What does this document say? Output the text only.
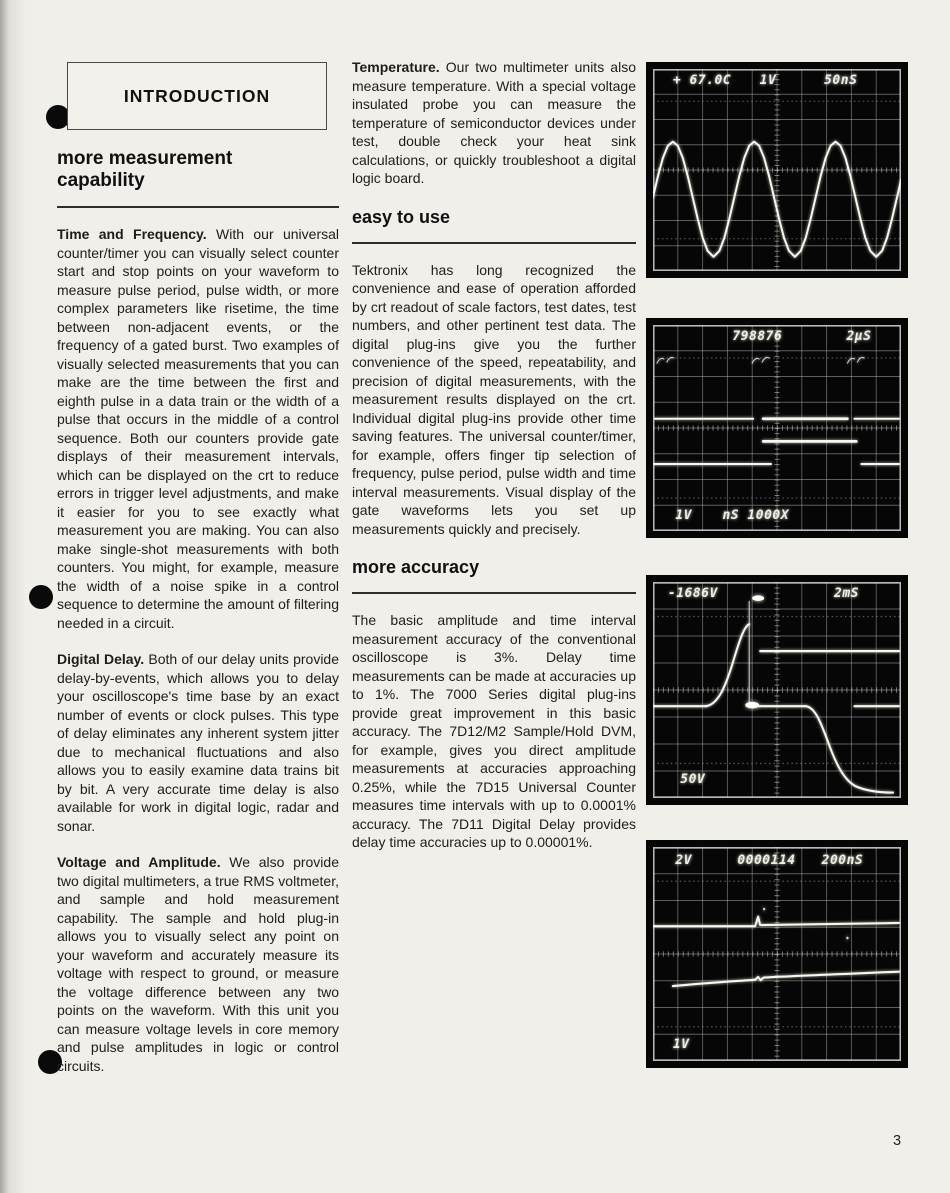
INTRODUCTION
more measurement capability

Time and Frequency. With our universal counter/timer you can visually select counter start and stop points on your waveform to measure pulse period, pulse width, or more complex parameters like risetime, the time between non-adjacent events, or the frequency of a gated burst. Two examples of visually selected measurements that you can make are the time between the first and eighth pulse in a data train or the width of a pulse that occurs in the middle of a control sequence. Both our counters provide gate displays of their measurement intervals, which can be displayed on the crt to reduce errors in trigger level adjustments, and make it easier for you to see exactly what measurement you are making. You can also make single-shot measurements with both counters. You might, for example, measure the width of a noise spike in a control sequence to determine the amount of filtering needed in a circuit.

Digital Delay. Both of our delay units provide delay-by-events, which allows you to delay your oscilloscope's time base by an exact number of events or clock pulses. This type of delay eliminates any inherent system jitter due to mechanical fluctuations and also allows you to easily examine data trains bit by bit. A very accurate time delay is also available for work in digital logic, radar and sonar.

Voltage and Amplitude. We also provide two digital multimeters, a true RMS voltmeter, and sample and hold measurement capability. The sample and hold plug-in allows you to visually select any point on your waveform and accurately measure its voltage with respect to ground, or measure the voltage difference between any two points on the waveform. With this unit you can measure voltage levels in core memory and pulse amplitudes in logic or control circuits.

Temperature. Our two multimeter units also measure temperature. With a special voltage insulated probe you can measure the temperature of semiconductor devices under test, double check your heat sink calculations, or quickly troubleshoot a digital logic board.

easy to use

Tektronix has long recognized the convenience and ease of operation afforded by crt readout of scale factors, test dates, test numbers, and other pertinent test data. The digital plug-ins give you the further convenience of the speed, repeatability, and precision of digital measurements, with the measurement results displayed on the crt. Individual digital plug-ins provide other time saving features. The universal counter/timer, for example, offers finger tip selection of frequency, pulse period, pulse width and time interval measurements. Visual display of the gate waveforms lets you set up measurements quickly and precisely.

more accuracy

The basic amplitude and time interval measurement accuracy of the conventional oscilloscope is 3%. Delay time measurements can be made at accuracies up to 1%. The 7000 Series digital plug-ins provide great improvement in this basic accuracy. The 7D12/M2 Sample/Hold DVM, for example, gives you direct amplitude measurements at accuracies approaching 0.25%, while the 7D15 Universal Counter measures time intervals with up to 0.0001% accuracy. The 7D11 Digital Delay provides delay time accuracies up to 0.00001%.

+ 67.0C 1V	50nS
798876	2µS
1V nS 1000X
-1686V	2mS
50V
2V	0000114 200nS
1V
3
